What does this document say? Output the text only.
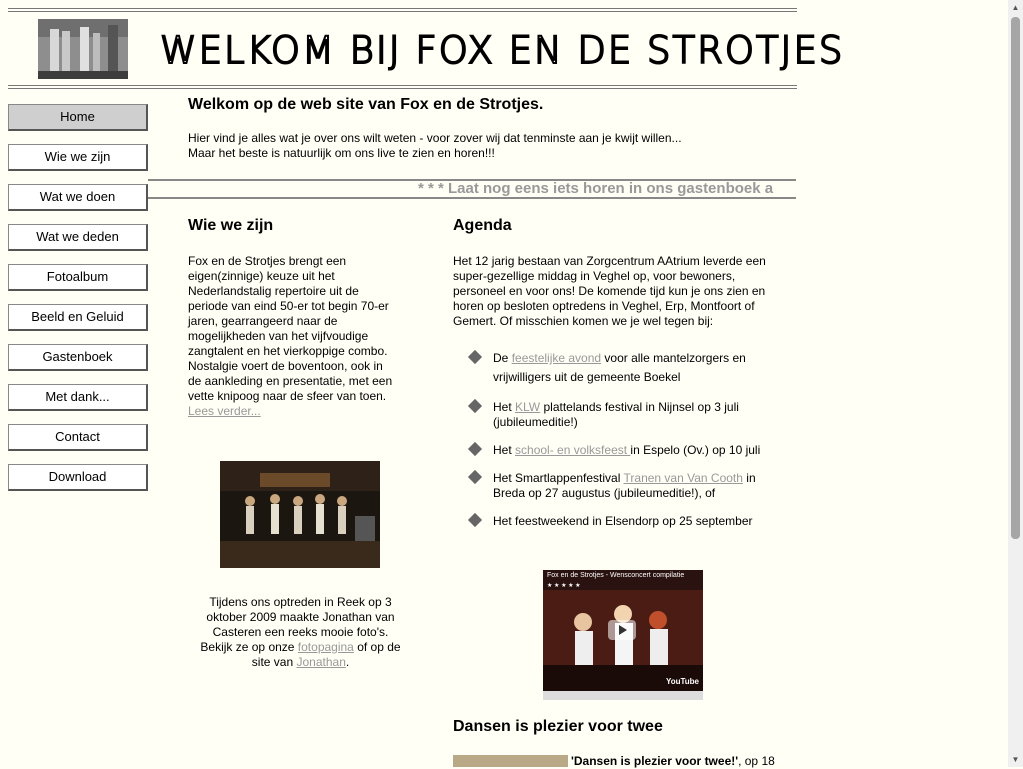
WELKOM BIJ FOX EN DE STROTJES
Home
Wie we zijn
Wat we doen
Wat we deden
Fotoalbum
Beeld en Geluid
Gastenboek
Met dank...
Contact
Download
Welkom op de web site van Fox en de Strotjes.
Hier vind je alles wat je over ons wilt weten - voor zover wij dat tenminste aan je kwijt willen...
Maar het beste is natuurlijk om ons live te zien en horen!!!
* * * Laat nog eens iets horen in ons gastenboek a
Wie we zijn
Fox en de Strotjes brengt een
eigen(zinnige) keuze uit het
Nederlandstalig repertoire uit de
periode van eind 50-er tot begin 70-er
jaren, gearrangeerd naar de
mogelijkheden van het vijfvoudige
zangtalent en het vierkoppige combo.
Nostalgie voert de boventoon, ook in
de aankleding en presentatie, met een
vette knipoog naar de sfeer van toen.
Lees verder...
Tijdens ons optreden in Reek op 3
oktober 2009 maakte Jonathan van
Casteren een reeks mooie foto's.
Bekijk ze op onze fotopagina of op de
site van Jonathan.
Agenda
Het 12 jarig bestaan van Zorgcentrum AAtrium leverde een
super-gezellige middag in Veghel op, voor bewoners,
personeel en voor ons! De komende tijd kun je ons zien en
horen op besloten optredens in Veghel, Erp, Montfoort of
Gemert. Of misschien komen we je wel tegen bij:
De feestelijke avond voor alle mantelzorgers en
vrijwilligers uit de gemeente Boekel
Het KLW plattelands festival in Nijnsel op 3 juli
(jubileumeditie!)
Het school- en volksfeest in Espelo (Ov.) op 10 juli
Het Smartlappenfestival Tranen van Van Cooth in
Breda op 27 augustus (jubileumeditie!), of
Het feestweekend in Elsendorp op 25 september
Fox en de Strotjes - Wensconcert compilatie
★ ★ ★ ★ ★
YouTube
Dansen is plezier voor twee
'Dansen is plezier voor twee!', op 18
▲
▼
